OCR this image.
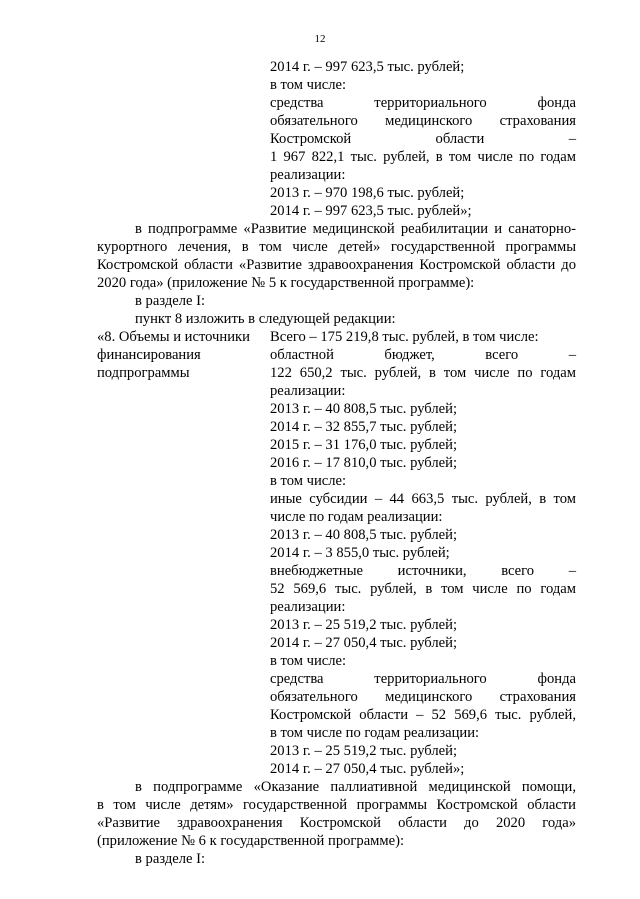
12
2014 г. – 997 623,5 тыс. рублей;
в том числе:
средства территориального фонда
обязательного медицинского страхования
Костромской области –
1 967 822,1 тыс. рублей, в том числе по годам
реализации:
2013 г. – 970 198,6 тыс. рублей;
2014 г. – 997 623,5 тыс. рублей»;
в подпрограмме «Развитие медицинской реабилитации и санаторно-
курортного лечения, в том числе детей» государственной программы
Костромской области «Развитие здравоохранения Костромской области до
2020 года» (приложение № 5 к государственной программе):
в разделе I:
пункт 8 изложить в следующей редакции:
«8. Объемы и источники
финансирования
подпрограммы
Всего – 175 219,8 тыс. рублей, в том числе:
областной бюджет, всего –
122 650,2 тыс. рублей, в том числе по годам
реализации:
2013 г. – 40 808,5 тыс. рублей;
2014 г. – 32 855,7 тыс. рублей;
2015 г. – 31 176,0 тыс. рублей;
2016 г. – 17 810,0 тыс. рублей;
в том числе:
иные субсидии – 44 663,5 тыс. рублей, в том
числе по годам реализации:
2013 г. – 40 808,5 тыс. рублей;
2014 г. – 3 855,0 тыс. рублей;
внебюджетные источники, всего –
52 569,6 тыс. рублей, в том числе по годам
реализации:
2013 г. – 25 519,2 тыс. рублей;
2014 г. – 27 050,4 тыс. рублей;
в том числе:
средства территориального фонда
обязательного медицинского страхования
Костромской области – 52 569,6 тыс. рублей,
в том числе по годам реализации:
2013 г. – 25 519,2 тыс. рублей;
2014 г. – 27 050,4 тыс. рублей»;
в подпрограмме «Оказание паллиативной медицинской помощи,
в том числе детям» государственной программы Костромской области
«Развитие здравоохранения Костромской области до 2020 года»
(приложение № 6 к государственной программе):
в разделе I:
